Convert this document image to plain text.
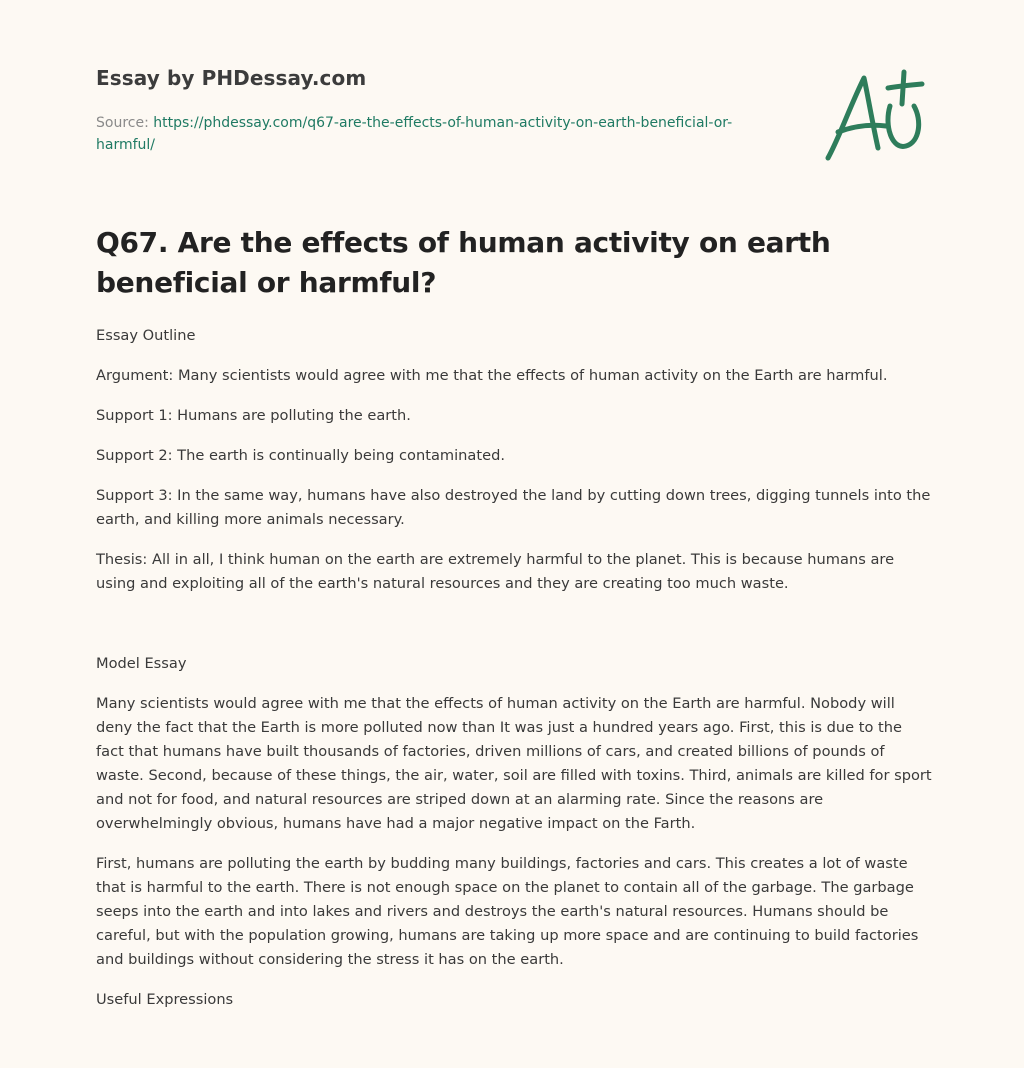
Essay by PHDessay.com
Source: https://phdessay.com/q67-are-the-effects-of-human-activity-on-earth-beneficial-or-harmful/
Q67. Are the effects of human activity on earth beneficial or harmful?

Essay Outline

Argument: Many scientists would agree with me that the effects of human activity on the Earth are harmful.

Support 1: Humans are polluting the earth.

Support 2: The earth is continually being contaminated.

Support 3: In the same way, humans have also destroyed the land by cutting down trees, digging tunnels into the earth, and killing more animals necessary.

Thesis: All in all, I think human on the earth are extremely harmful to the planet. This is because humans are using and exploiting all of the earth's natural resources and they are creating too much waste.

Model Essay

Many scientists would agree with me that the effects of human activity on the Earth are harmful. Nobody will deny the fact that the Earth is more polluted now than It was just a hundred years ago. First, this is due to the fact that humans have built thousands of factories, driven millions of cars, and created billions of pounds of waste. Second, because of these things, the air, water, soil are filled with toxins. Third, animals are killed for sport and not for food, and natural resources are striped down at an alarming rate. Since the reasons are overwhelmingly obvious, humans have had a major negative impact on the Farth.

First, humans are polluting the earth by budding many buildings, factories and cars. This creates a lot of waste that is harmful to the earth. There is not enough space on the planet to contain all of the garbage. The garbage seeps into the earth and into lakes and rivers and destroys the earth's natural resources. Humans should be careful, but with the population growing, humans are taking up more space and are continuing to build factories and buildings without considering the stress it has on the earth.

Useful Expressions
